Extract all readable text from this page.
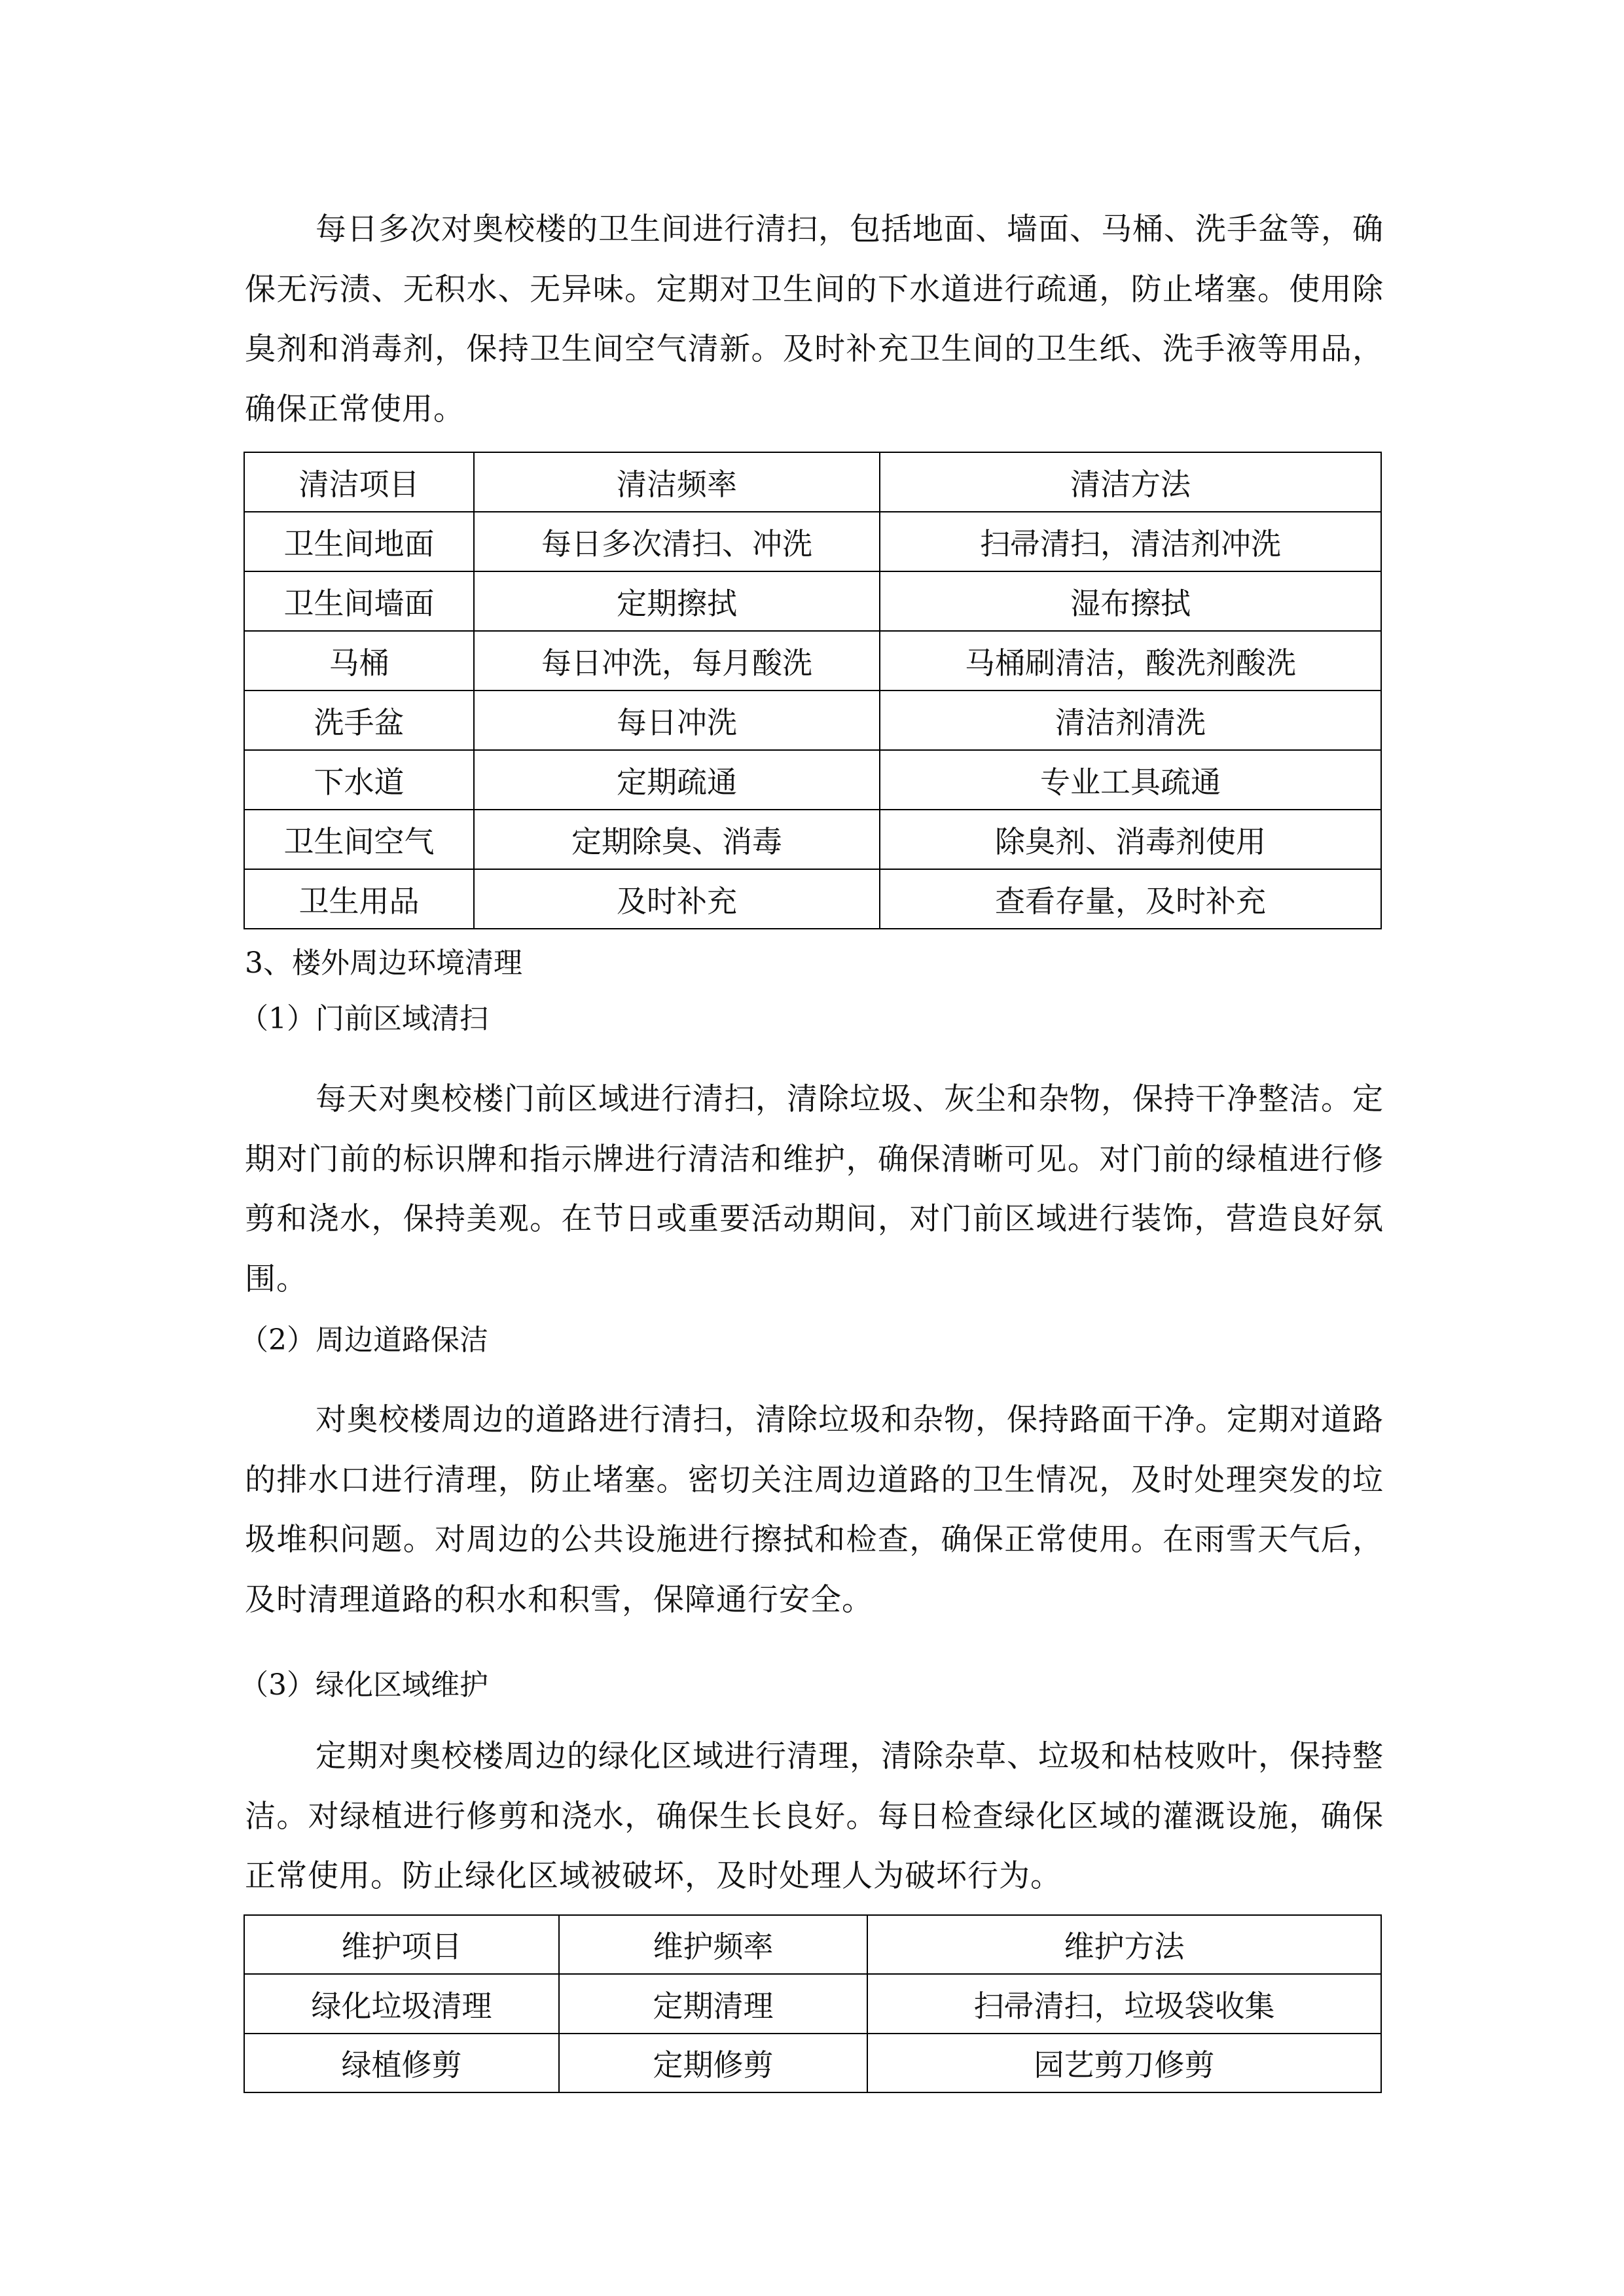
每日多次对奥校楼的卫生间进行清扫，包括地面、墙面、马桶、洗手盆等，确保无污渍、无积水、无异味。定期对卫生间的下水道进行疏通，防止堵塞。使用除臭剂和消毒剂，保持卫生间空气清新。及时补充卫生间的卫生纸、洗手液等用品，确保正常使用。

清洁项目	清洁频率	清洁方法
卫生间地面	每日多次清扫、冲洗	扫帚清扫，清洁剂冲洗
卫生间墙面	定期擦拭	湿布擦拭
马桶	每日冲洗，每月酸洗	马桶刷清洁，酸洗剂酸洗
洗手盆	每日冲洗	清洁剂清洗
下水道	定期疏通	专业工具疏通
卫生间空气	定期除臭、消毒	除臭剂、消毒剂使用
卫生用品	及时补充	查看存量，及时补充

3、楼外周边环境清理

（1）门前区域清扫

每天对奥校楼门前区域进行清扫，清除垃圾、灰尘和杂物，保持干净整洁。定期对门前的标识牌和指示牌进行清洁和维护，确保清晰可见。对门前的绿植进行修剪和浇水，保持美观。在节日或重要活动期间，对门前区域进行装饰，营造良好氛围。

（2）周边道路保洁

对奥校楼周边的道路进行清扫，清除垃圾和杂物，保持路面干净。定期对道路的排水口进行清理，防止堵塞。密切关注周边道路的卫生情况，及时处理突发的垃圾堆积问题。对周边的公共设施进行擦拭和检查，确保正常使用。在雨雪天气后，及时清理道路的积水和积雪，保障通行安全。

（3）绿化区域维护

定期对奥校楼周边的绿化区域进行清理，清除杂草、垃圾和枯枝败叶，保持整洁。对绿植进行修剪和浇水，确保生长良好。每日检查绿化区域的灌溉设施，确保正常使用。防止绿化区域被破坏，及时处理人为破坏行为。

维护项目	维护频率	维护方法
绿化垃圾清理	定期清理	扫帚清扫，垃圾袋收集
绿植修剪	定期修剪	园艺剪刀修剪
